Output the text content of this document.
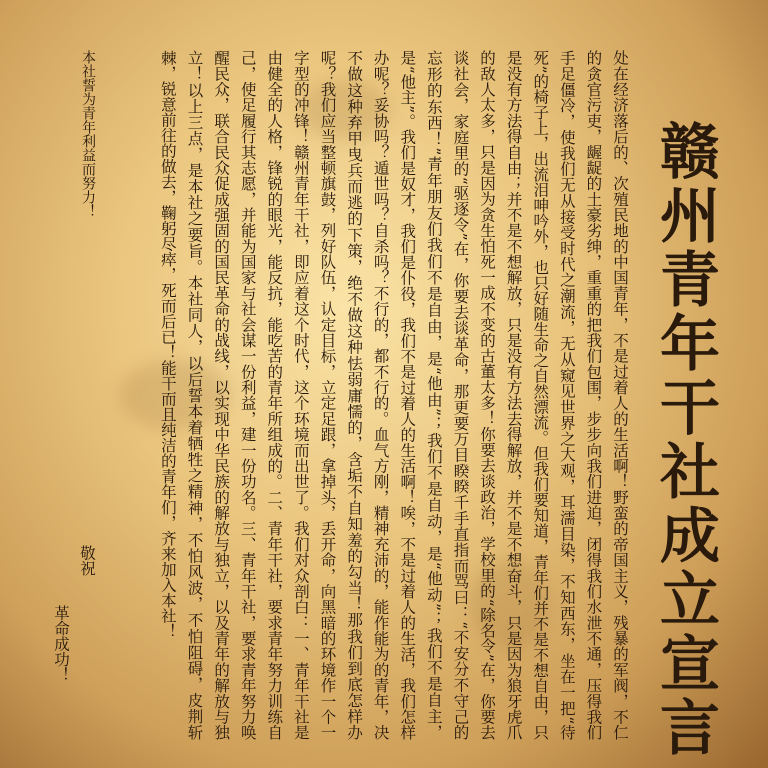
赣州青年干社成立宣言
处在经济落后的、次殖民地的中国青年，不是过着人的生活啊！野蛮的帝国主义，残暴的军阀，不仁的贪官污吏，龌龊的土豪劣绅，重重的把我们包围，步步向我们进迫，闭得我们水泄不通，压得我们手足僵冷，使我们无从接受时代之潮流，无从窥见世界之大观，耳濡目染，不知西东，坐在一把“待死”的椅子上，出流泪呻吟外，也只好随生命之自然漂流。但我们要知道，青年们并不是不想自由，只是没有方法得自由；并不是不想解放，只是没有方法去得解放，并不是不想奋斗，只是因为狼牙虎爪的敌人太多，只是因为贪生怕死一成不变的古董太多！你要去谈政治，学校里的“除名令”在，你要去谈社会，家庭里的“驱逐令”在，你要去谈革命，那更要万目睽睽千手直指而骂曰：“不安分不守己的忘形的东西！”青年朋友们我们不是自由，是“他由”；我们不是自动，是“他动”；我们不是自主，是“他主”。我们是奴才，我们是仆役，我们不是过着人的生活啊！唉，不是过着人的生活，我们怎样办呢？妥协吗？遁世吗？自杀吗？不行的，都不行的。血气方刚，精神充沛的，能作能为的青年，决不做这种弃甲曳兵而逃的下策，绝不做这种怯弱庸懦的，含垢不自知羞的勾当！那我们到底怎样办呢？我们应当整顿旗鼓，列好队伍，认定目标，立定足跟，拿掉头，丢开命，向黑暗的环境作一个一字型的冲锋！赣州青年干社，即应着这个时代，这个环境而出世了。我们对众剖白：一、青年干社是由健全的人格，锋锐的眼光，能反抗，能吃苦的青年所组成的。二、青年干社，要求青年努力训练自己，使足履行其志愿，并能为国家与社会谋一份利益，建一份功名。三、青年干社，要求青年努力唤醒民众，联合民众促成强固的国民革命的战线，以实现中华民族的解放与独立，以及青年的解放与独立！以上三点，是本社之要旨。本社同人，以后誓本着牺牲之精神，不怕风波，不怕阻碍，皮荆斩棘，锐意前往的做去，鞠躬尽瘁，死而后已！能干而且纯洁的青年们，齐来加入本社！
本社誓为青年利益而努力！
敬祝
革命成功！
